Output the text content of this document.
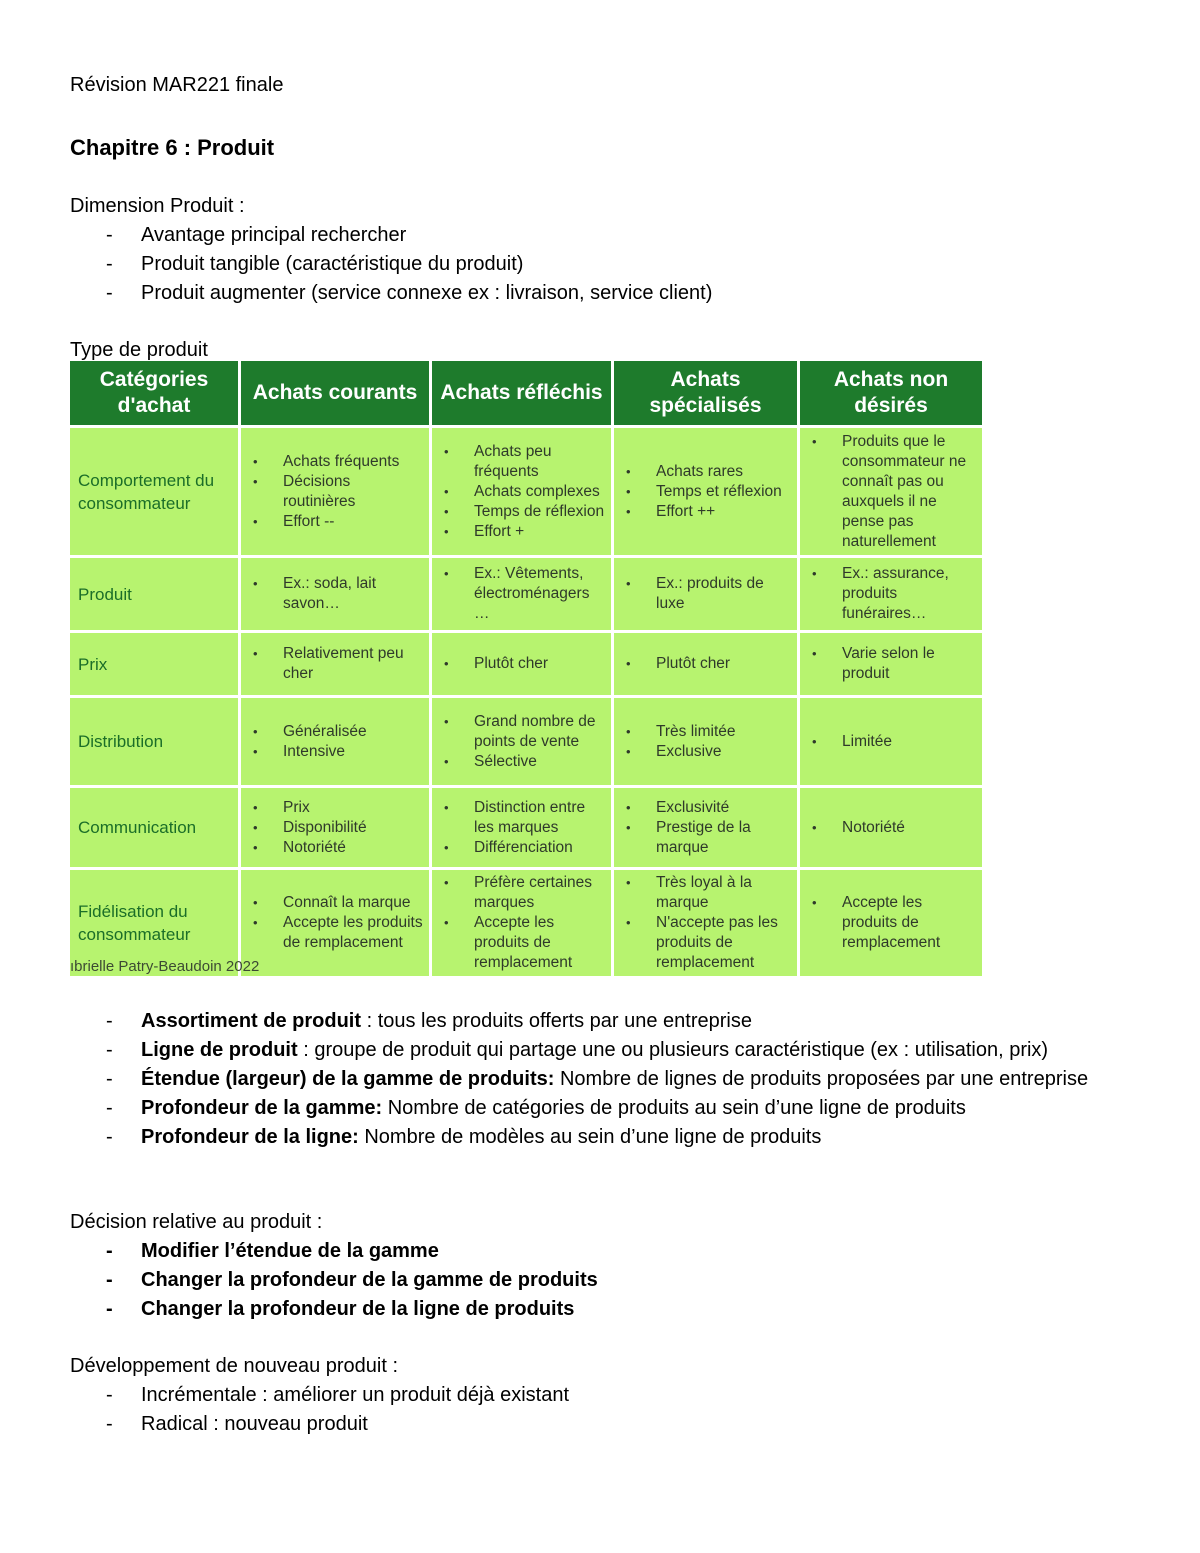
Révision MAR221 finale
Chapitre 6 : Produit
Dimension Produit :
- Avantage principal rechercher
- Produit tangible (caractéristique du produit)
- Produit augmenter (service connexe ex : livraison, service client)
Type de produit
Catégories d'achat
Achats courants	Achats réfléchis
Achats spécialisés
Achats non désirés
Comportement du consommateur
• Achats fréquents
• Décisions routinières
• Effort --
• Achats peu fréquents
• Achats complexes
• Temps de réflexion
• Effort +
• Achats rares
• Temps et réflexion
• Effort ++
• Produits que le consommateur ne connaît pas ou auxquels il ne pense pas naturellement
Produit
• Ex.: soda, lait savon…
• Ex.: Vêtements, électroménagers …
• Ex.: produits de luxe
• Ex.: assurance, produits funéraires…
Prix
• Relativement peu cher
• Plutôt cher
•	Plutôt cher
• Varie selon le produit
Distribution
• Généralisée
• Intensive
• Grand nombre de points de vente
• Sélective
• Très limitée
• Exclusive
• Limitée
Communication
• Prix
• Disponibilité
• Notoriété
• Distinction entre les marques
• Différenciation
• Exclusivité
• Prestige de la marque
• Notoriété
Fidélisation du consommateur
• Connaît la marque
• Accepte les produits de remplacement
• Préfère certaines marques
• Accepte les produits de remplacement
• Très loyal à la marque
• N'accepte pas les produits de remplacement
• Accepte les produits de remplacement
ıbrielle Patry-Beaudoin 2022
- Assortiment de produit : tous les produits offerts par une entreprise
- Ligne de produit : groupe de produit qui partage une ou plusieurs caractéristique (ex : utilisation, prix)
- Étendue (largeur) de la gamme de produits: Nombre de lignes de produits proposées par une entreprise
- Profondeur de la gamme: Nombre de catégories de produits au sein d’une ligne de produits
- Profondeur de la ligne: Nombre de modèles au sein d’une ligne de produits
Décision relative au produit :
- Modifier l’étendue de la gamme
- Changer la profondeur de la gamme de produits
- Changer la profondeur de la ligne de produits
Développement de nouveau produit :
- Incrémentale : améliorer un produit déjà existant
- Radical : nouveau produit
